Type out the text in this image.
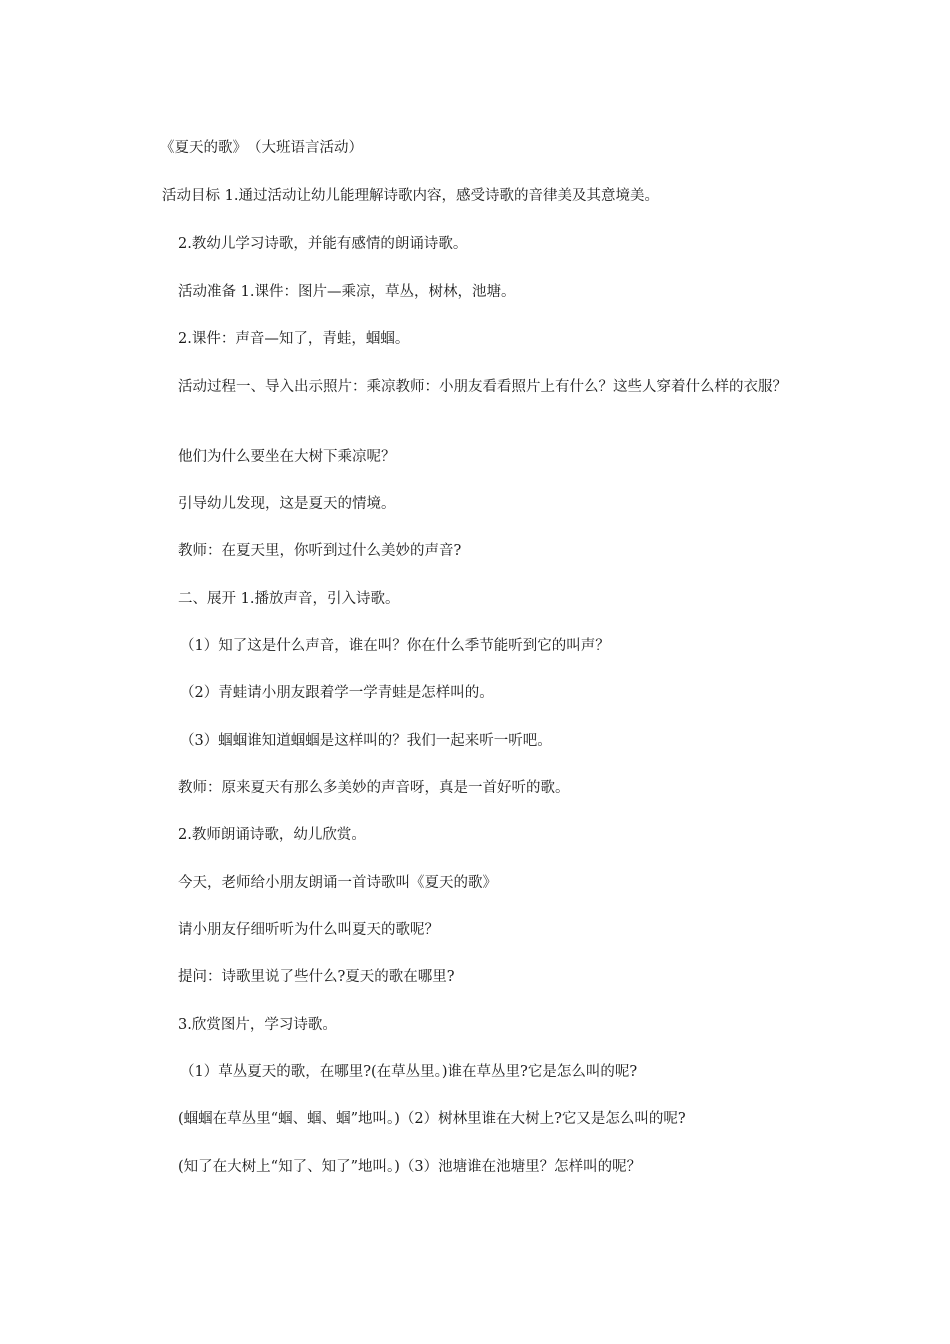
《夏天的歌》　（大班语言活动）

活动目标 1.通过活动让幼儿能理解诗歌内容，感受诗歌的音律美及其意境美。

2.教幼儿学习诗歌，并能有感情的朗诵诗歌。

活动准备 1.课件：图片—乘凉，草丛，树林，池塘。

2.课件：声音—知了，青蛙，蝈蝈。

活动过程一、导入出示照片：乘凉教师：小朋友看看照片上有什么？这些人穿着什么样的衣服？

他们为什么要坐在大树下乘凉呢？

引导幼儿发现，这是夏天的情境。

教师：在夏天里，你听到过什么美妙的声音?

二、展开 1.播放声音，引入诗歌。

（1）知了这是什么声音，谁在叫？你在什么季节能听到它的叫声？

（2）青蛙请小朋友跟着学一学青蛙是怎样叫的。

（3）蝈蝈谁知道蝈蝈是这样叫的？我们一起来听一听吧。

教师：原来夏天有那么多美妙的声音呀，真是一首好听的歌。

2.教师朗诵诗歌，幼儿欣赏。

今天，老师给小朋友朗诵一首诗歌叫《夏天的歌》

请小朋友仔细听听为什么叫夏天的歌呢？

提问：诗歌里说了些什么?夏天的歌在哪里?

3.欣赏图片，学习诗歌。

（1）草丛夏天的歌，在哪里?(在草丛里。)谁在草丛里?它是怎么叫的呢?

(蝈蝈在草丛里“蝈、蝈、蝈”地叫。)（2）树林里谁在大树上?它又是怎么叫的呢?

(知了在大树上“知了、知了”地叫。)（3）池塘谁在池塘里？怎样叫的呢？
